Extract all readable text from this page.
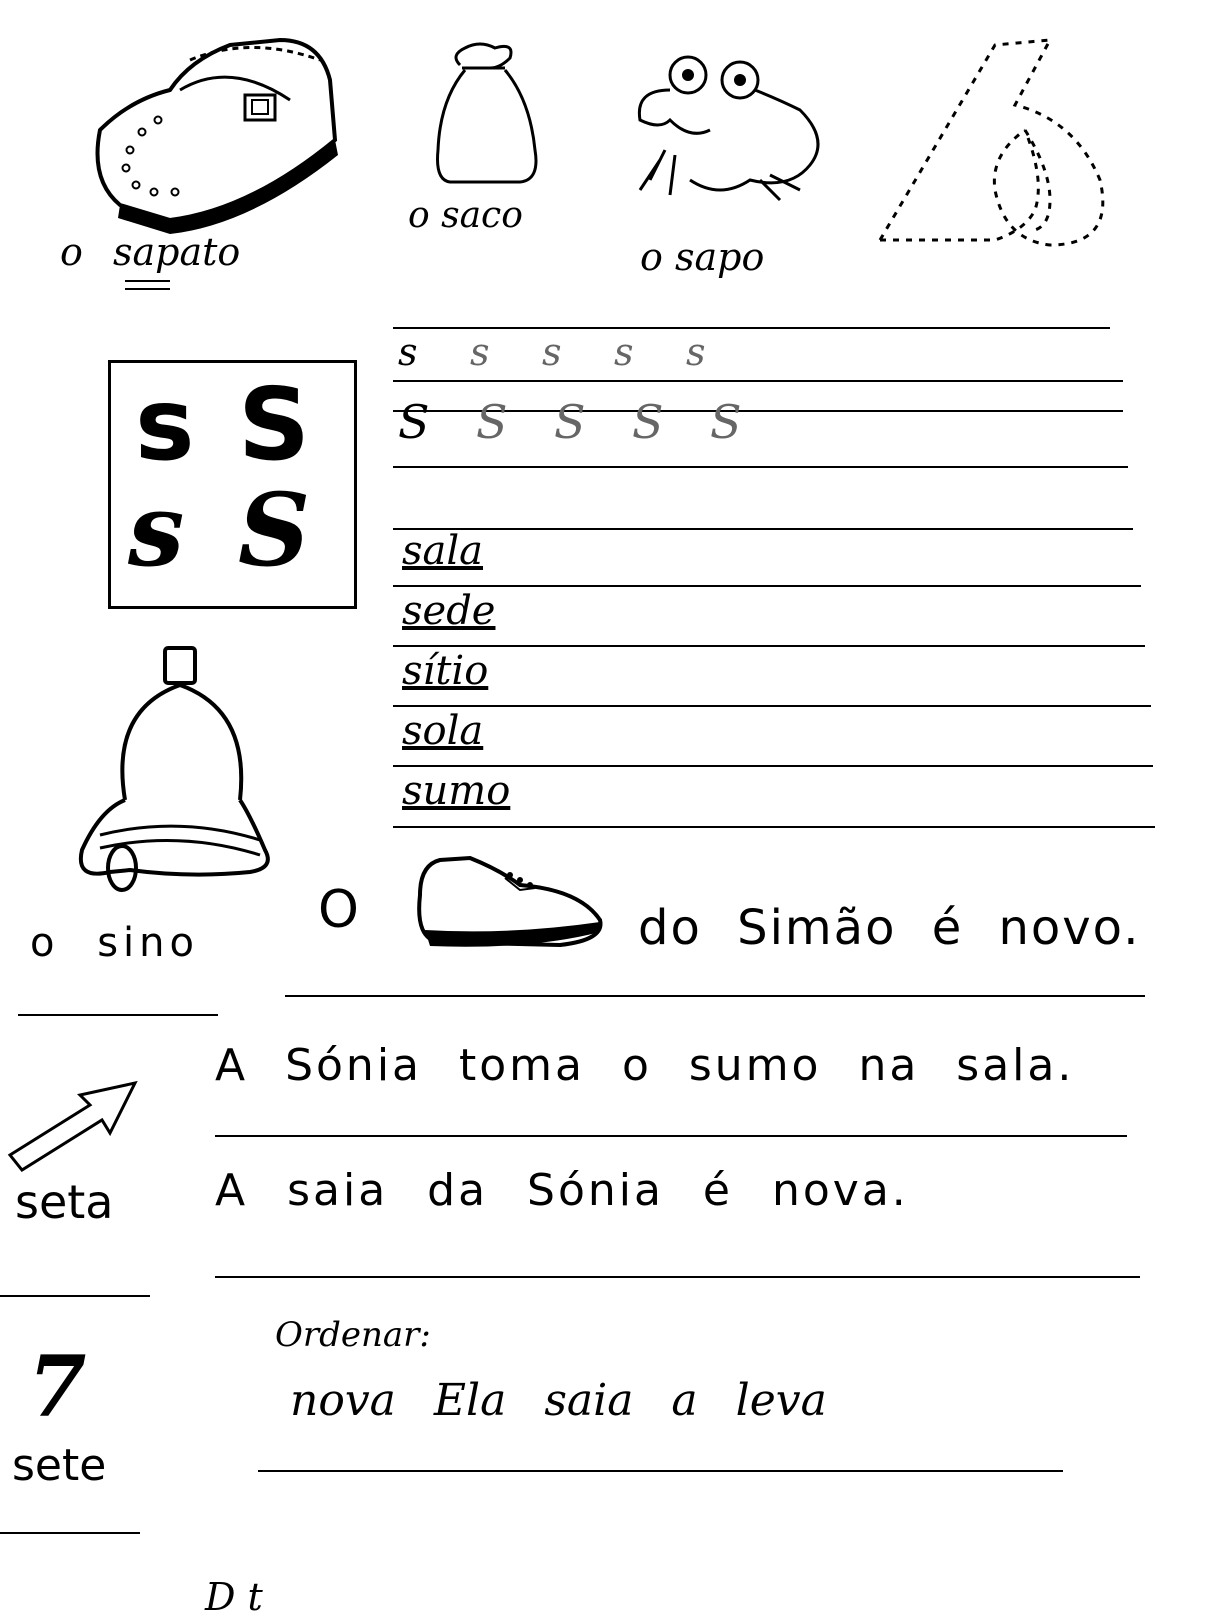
o sapato
o saco
o sapo
s S
s S
s s s s s
S S S S S
sala
sede
sítio
sola
sumo
o sino
O	do Simão é novo.
A Sónia toma o sumo na sala.
seta A saia da Sónia é nova.
7
sete
Ordenar:
nova Ela saia a leva
D t
